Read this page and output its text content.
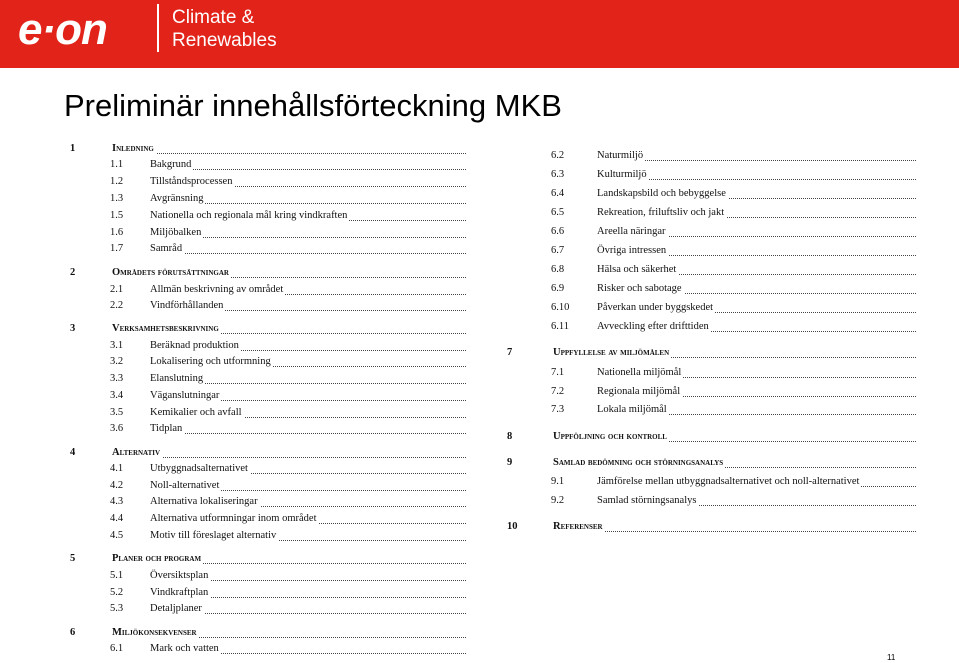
e·on	Climate &
Renewables
Preliminär innehållsförteckning MKB
1	Inledning
1.1	Bakgrund
1.2	Tillståndsprocessen
1.3	Avgränsning
1.5	Nationella och regionala mål kring vindkraften
1.6	Miljöbalken
1.7	Samråd
2	Områdets förutsättningar
2.1	Allmän beskrivning av området
2.2	Vindförhållanden
3	Verksamhetsbeskrivning
3.1	Beräknad produktion
3.2	Lokalisering och utformning
3.3	Elanslutning
3.4	Väganslutningar
3.5	Kemikalier och avfall
3.6	Tidplan
4	Alternativ
4.1	Utbyggnadsalternativet
4.2	Noll-alternativet
4.3	Alternativa lokaliseringar
4.4	Alternativa utformningar inom området
4.5	Motiv till föreslaget alternativ
5	Planer och program
5.1	Översiktsplan
5.2	Vindkraftplan
5.3	Detaljplaner
6	Miljökonsekvenser
6.1	Mark och vatten
6.2	Naturmiljö
6.3	Kulturmiljö
6.4	Landskapsbild och bebyggelse
6.5	Rekreation, friluftsliv och jakt
6.6	Areella näringar
6.7	Övriga intressen
6.8	Hälsa och säkerhet
6.9	Risker och sabotage
6.10	Påverkan under byggskedet
6.11	Avveckling efter drifttiden
7	Uppfyllelse av miljömålen
7.1	Nationella miljömål
7.2	Regionala miljömål
7.3	Lokala miljömål
8	Uppföljning och kontroll
9	Samlad bedömning och störningsanalys
9.1	Jämförelse mellan utbyggnadsalternativet och noll-alternativet
9.2	Samlad störningsanalys
10	Referenser
11
